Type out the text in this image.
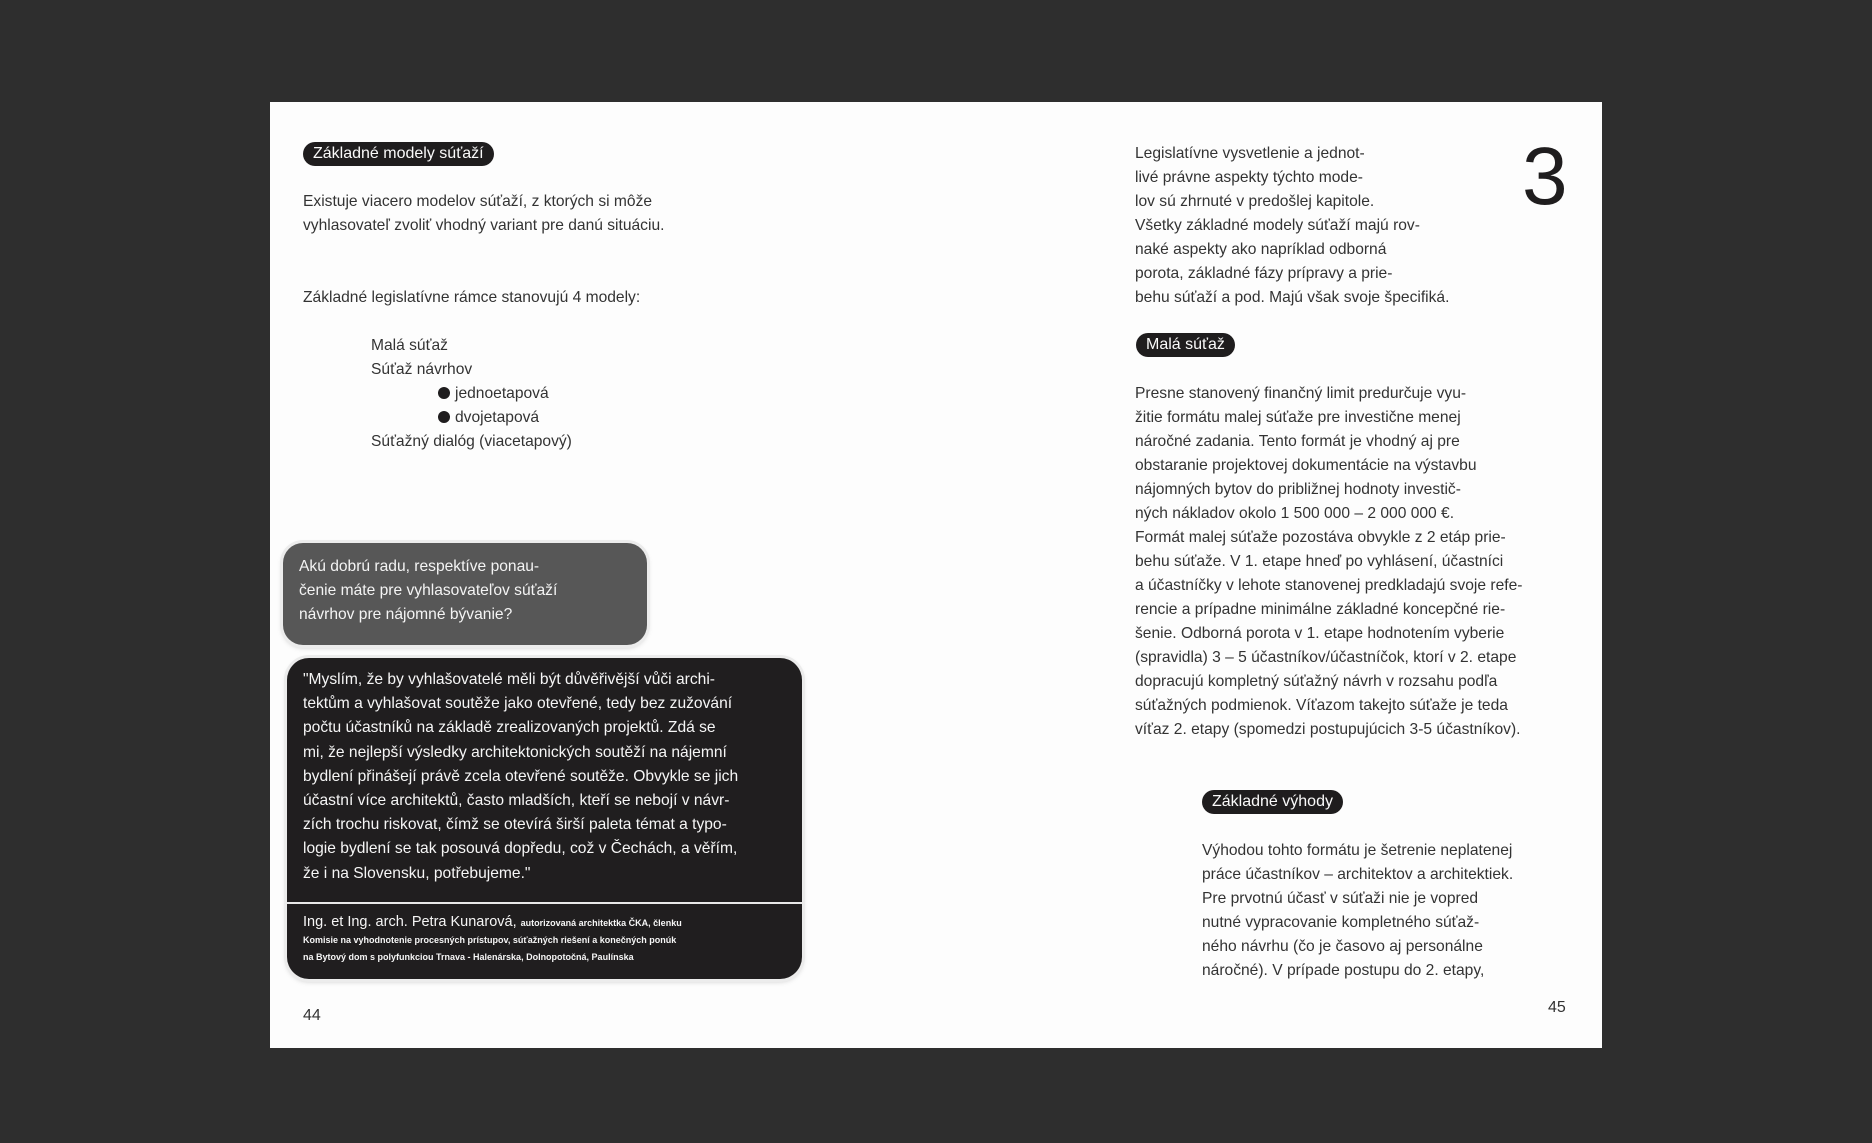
Základné modely súťaží
Existuje viacero modelov súťaží, z ktorých si môže
vyhlasovateľ zvoliť vhodný variant pre danú situáciu.
Základné legislatívne rámce stanovujú 4 modely:
Malá súťaž
Súťaž návrhov
jednoetapová
dvojetapová
Súťažný dialóg (viacetapový)
Akú dobrú radu, respektíve ponau-
čenie máte pre vyhlasovateľov súťaží
návrhov pre nájomné bývanie?
"Myslím, že by vyhlašovatelé měli být důvěřivější vůči archi-
tektům a vyhlašovat soutěže jako otevřené, tedy bez zužování
počtu účastníků na základě zrealizovaných projektů. Zdá se
mi, že nejlepší výsledky architektonických soutěží na nájemní
bydlení přinášejí právě zcela otevřené soutěže. Obvykle se jich
účastní více architektů, často mladších, kteří se nebojí v návr-
zích trochu riskovat, čímž se otevírá širší paleta témat a typo-
logie bydlení se tak posouvá dopředu, což v Čechách, a věřím,
že i na Slovensku, potřebujeme."
Ing. et Ing. arch. Petra Kunarová, autorizovaná architektka ČKA, členku
Komisie na vyhodnotenie procesných prístupov, súťažných riešení a konečných ponúk
na Bytový dom s polyfunkciou Trnava - Halenárska, Dolnopotočná, Paulínska
44
3
Legislatívne vysvetlenie a jednot-
livé právne aspekty týchto mode-
lov sú zhrnuté v predošlej kapitole.
Všetky základné modely súťaží majú rov-
naké aspekty ako napríklad odborná
porota, základné fázy prípravy a prie-
behu súťaží a pod. Majú však svoje špecifiká.
Malá súťaž
Presne stanovený finančný limit predurčuje vyu-
žitie formátu malej súťaže pre investične menej
náročné zadania. Tento formát je vhodný aj pre
obstaranie projektovej dokumentácie na výstavbu
nájomných bytov do približnej hodnoty investič-
ných nákladov okolo 1 500 000 – 2 000 000 €.
Formát malej súťaže pozostáva obvykle z 2 etáp prie-
behu súťaže. V 1. etape hneď po vyhlásení, účastníci
a účastníčky v lehote stanovenej predkladajú svoje refe-
rencie a prípadne minimálne základné koncepčné rie-
šenie. Odborná porota v 1. etape hodnotením vyberie
(spravidla) 3 – 5 účastníkov/účastníčok, ktorí v 2. etape
dopracujú kompletný súťažný návrh v rozsahu podľa
súťažných podmienok. Víťazom takejto súťaže je teda
víťaz 2. etapy (spomedzi postupujúcich 3-5 účastníkov).
Základné výhody
Výhodou tohto formátu je šetrenie neplatenej
práce účastníkov – architektov a architektiek.
Pre prvotnú účasť v súťaži nie je vopred
nutné vypracovanie kompletného súťaž-
ného návrhu (čo je časovo aj personálne
náročné). V prípade postupu do 2. etapy,
45
